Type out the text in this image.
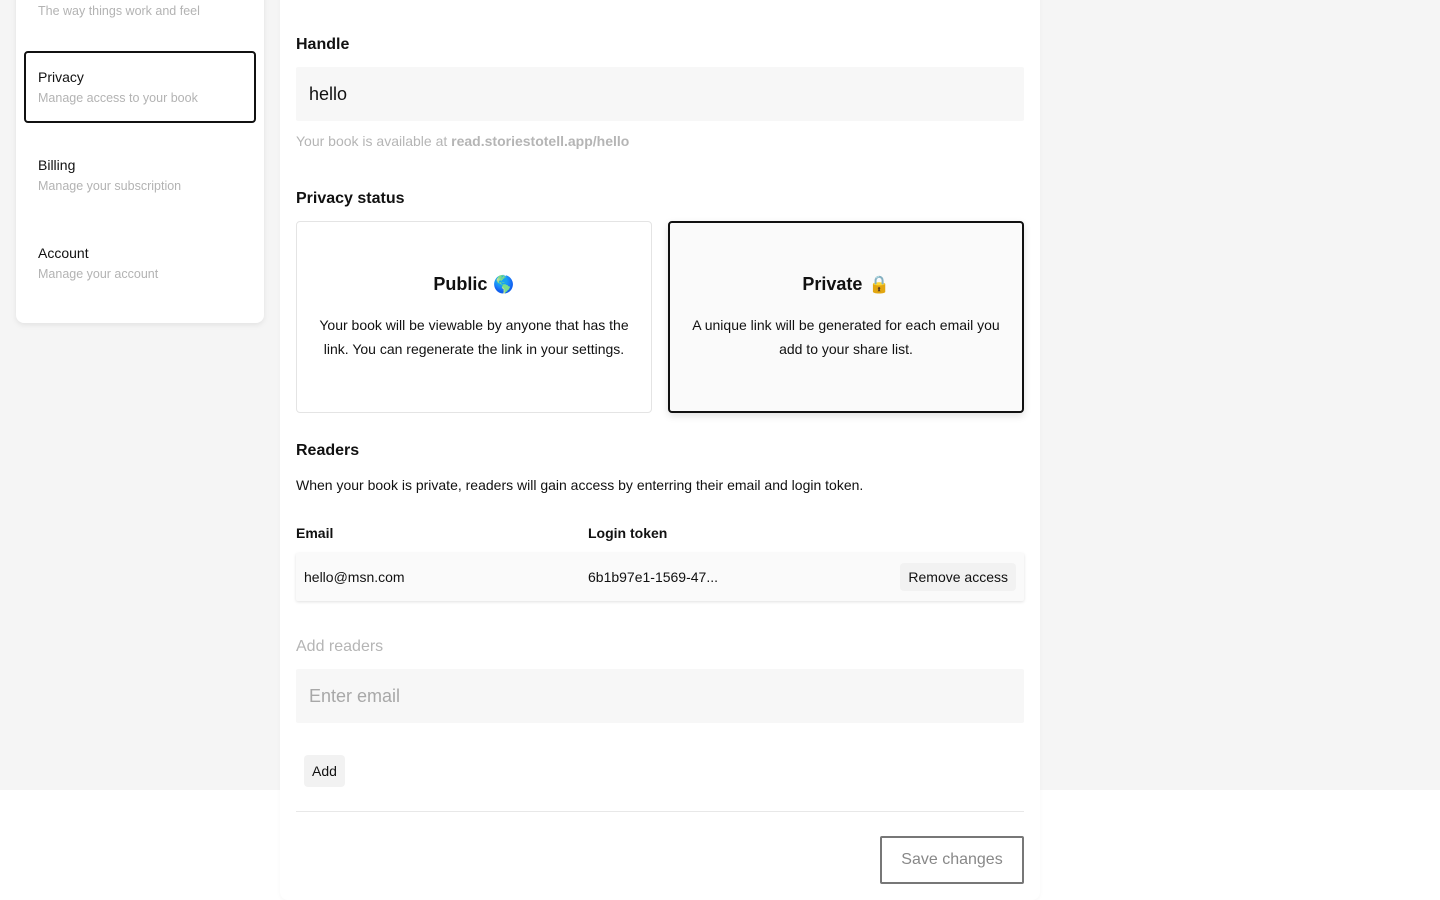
The way things work and feel
Privacy
Manage access to your book
Billing
Manage your subscription
Account
Manage your account
Handle
hello
Your book is available at read.storiestotell.app/hello
Privacy status
Public 🌎
Your book will be viewable by anyone that has the link. You can regenerate the link in your settings.
Private 🔒
A unique link will be generated for each email you add to your share list.
Readers
When your book is private, readers will gain access by enterring their email and login token.
Email	Login token
hello@msn.com	6b1b97e1-1569-47...	Remove access
Add readers
Enter email
Add
Save changes
